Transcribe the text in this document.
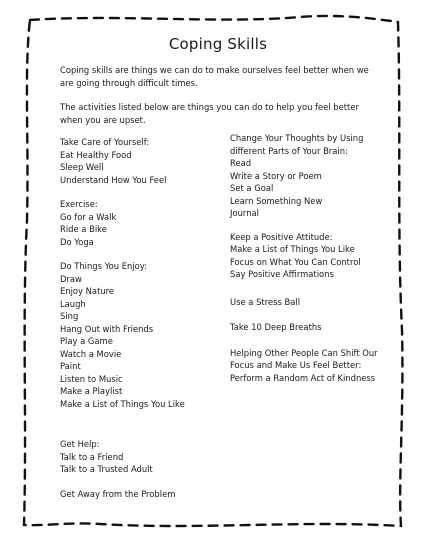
Coping Skills
Coping skills are things we can do to make ourselves feel better when we are going through difficult times.
The activities listed below are things you can do to help you feel better when you are upset.
Take Care of Yourself:
Eat Healthy Food
Sleep Well
Understand How You Feel
Exercise:
Go for a Walk
Ride a Bike
Do Yoga
Do Things You Enjoy:
Draw
Enjoy Nature
Laugh
Sing
Hang Out with Friends
Play a Game
Watch a Movie
Paint
Listen to Music
Make a Playlist
Make a List of Things You Like
Get Help:
Talk to a Friend
Talk to a Trusted Adult
Get Away from the Problem
Change Your Thoughts by Using
different Parts of Your Brain:
Read
Write a Story or Poem
Set a Goal
Learn Something New
Journal
Keep a Positive Attitude:
Make a List of Things You Like
Focus on What You Can Control
Say Positive Affirmations
Use a Stress Ball
Take 10 Deep Breaths
Helping Other People Can Shift Our
Focus and Make Us Feel Better:
Perform a Random Act of Kindness
